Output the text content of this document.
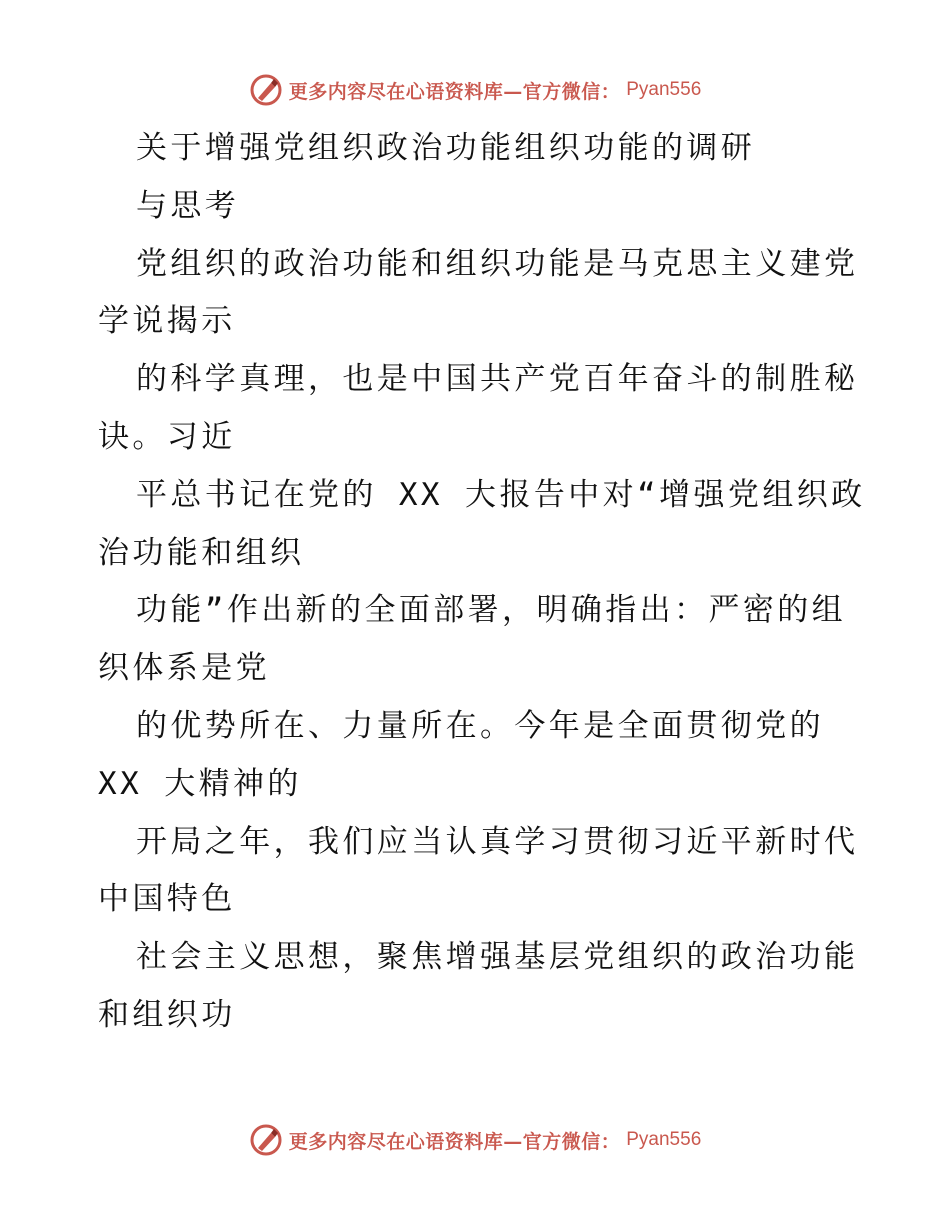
更多内容尽在心语资料库—官方微信： Pyan556
关于增强党组织政治功能组织功能的调研
与思考
党组织的政治功能和组织功能是马克思主义建党
学说揭示
的科学真理，也是中国共产党百年奋斗的制胜秘
诀。习近
平总书记在党的 XX 大报告中对“增强党组织政
治功能和组织
功能”作出新的全面部署，明确指出：严密的组
织体系是党
的优势所在、力量所在。今年是全面贯彻党的
XX 大精神的
开局之年，我们应当认真学习贯彻习近平新时代
中国特色
社会主义思想，聚焦增强基层党组织的政治功能
和组织功
更多内容尽在心语资料库—官方微信： Pyan556
